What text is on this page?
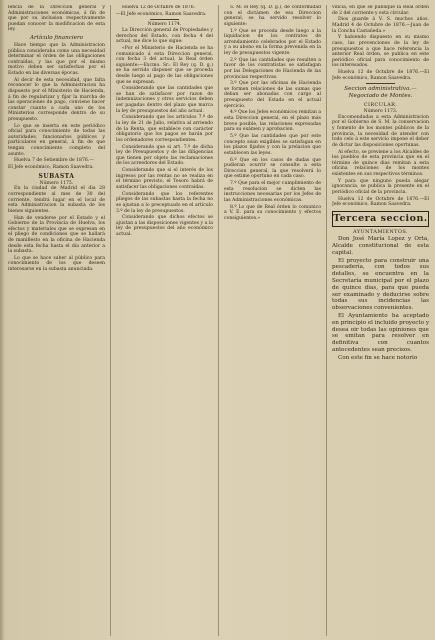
lencia de la Direccion general y Administraciones económicas, á fin de que por su inclusion respectivamente puedan conocer la modificacion de esta ley.

Artículo financiero

Hace tiempo que la Administracion pública consideraba como una necesidad determinar el órden de las obligaciones contraídas, y las que por el mismo motivo deben ser satisfechas por el Estado en las diversas épocas.

Al decir de esta necesidad, que falta reconocer lo que la Administracion ha dispuesto por el Ministerio de Hacienda, á fin de regularizar y fijar la marcha de las operaciones de pago, conviene hacer constar cuanto a cada uno de los Ministerios corresponde dentro de su presupuesto.

Lo que se inserta en este periódico oficial para conocimiento de todas las autoridades, funcionarios públicos y particulares en general, á fin de que tengan conocimiento completo del asunto.

Huelva 7 de Setiembre de 1876.—

El Jefe económico, Ramon Saavedra.

SUBASTA
Número 1175.

En la ciudad de Madrid el dia 28 correspondiente al mes de 30 del corriente, tendrá lugar en el local de esta Administracion la subasta de los bienes siguientes.

Han de venderse por el Estado y el Gobierno de la Provincia de Huelva, los efectos y materiales que se expresan en el pliego de condiciones que se hallará de manifiesto en la oficina de Hacienda desde esta fecha hasta el dia anterior a la subasta.

Lo que se hace saber al público para conocimiento de los que deseen interesarse en la subasta anunciada.

Huelva 12 de Octubre de 1876.

—El Jefe económico, Ramon Saavedra.

Número 1174.

La Dirección general de Propiedades y derechos del Estado, con fecha 4 del actual, me dice lo que sigue:

«Por el Ministerio de Hacienda se ha comunicado á esta Direccion general, con fecha 3 del actual, la Real órden siguiente:—Excmo. Sr.: El Rey (q. D. g.) se ha servido disponer que se proceda desde luego al pago de las obligaciones que se expresan.

Considerando que las cantidades que se han de satisfacer por razon de indemnizaciones y otros servicios deben ser pagadas dentro del plazo que marca la ley de presupuestos del año actual.

Considerando que los artículos 7.º de la ley de 21 de Julio, relativa al arriendo de la Renta, que establece con carácter obligatorio que los pagos se harán por los ordenadores correspondientes.

Considerando que si art. 7.º de dicha ley de Presupuestos y de las diligencias que tienen por objeto las reclamaciones de los acreedores del Estado.

Considerando que si el interés de los ingresos por las rentas no se realiza en el término previsto, el Tesoro habrá de satisfacer las obligaciones contraídas.

Considerando que los referentes pliegos de las subastas hasta la fecha no se ajustan a lo preceptuado en el artículo 3.º de la ley de presupuestos.

Considerando que dichos efectos se ajustan a las disposiciones vigentes y a la ley de presupuestos del año económico actual.

S. M. el Rey (q. D. g.), de conformidad con el dictámen de esa Direccion general, se ha servido resolver lo siguiente:

1.º Que se proceda desde luego a la liquidacion de los contratos de arrendamiento celebrados por el Estado y a su abono en la forma prevenida en la ley de presupuestos vigente.

2.º Que las cantidades que resulten a favor de los contratistas se satisfagan por las Delegaciones de Hacienda de las provincias respectivas.

3.º Que por las oficinas de Hacienda se formen relaciones de las sumas que deban ser abonadas con cargo al presupuesto del Estado en el actual ejercicio.

4.º Que los Jefes económicos remitan a esta Direccion general, en el plazo más breve posible, las relaciones expresadas para su exámen y aprobacion.

5.º Que las cantidades que por este concepto sean exigibles se satisfagan en los plazos fijados y con la prelacion que establecen las leyes.

6.º Que en los casos de dudas que pudieran ocurrir se consulte a esta Direccion general, la que resolverá lo que estime oportuno en cada caso.

7.º Que para el mejor cumplimiento de esta resolucion se dicten las instrucciones necesarias por los Jefes de las Administraciones económicas.

8.º Lo que de Real órden lo comunico a V. E. para su conocimiento y efectos consiguientes.»

vincia, en que se publique la Real órden de 2 del corriente y esta circular.

Dios guarde á V. S. muchos años. Madrid 4 de Octubre de 1876.—Juan de la Concha Castañeda.»

Y habiendo dispuesto en su mismo caso, las prevenciones de la ley de presupuestos a que hace referencia la anterior Real órden, se publica en este periódico oficial para conocimiento de los interesados.

Huelva 12 de Octubre de 1876.—El Jefe económico, Ramon Saavedra.

Seccion administrativa.—Negociado de Montes.
CIRCULAR.
Número 1173.

Encomendadas a esta Administracion por el Gobierno de S. M. la conservacion y fomento de los montes públicos de la provincia, la necesidad de atender con todo celo á este servicio impone el deber de dictar las disposiciones oportunas.

Al efecto, se previene a los Alcaldes de los pueblos de esta provincia que en el término de quince dias remitan a esta oficina relaciones de los montes existentes en sus respectivos términos.

Y para que ninguno pueda alegar ignorancia, se publica la presente en el periódico oficial de la provincia.

Huelva 12 de Octubre de 1876.—El Jefe económico, Ramon Saavedra.

Tercera seccion.
AYUNTAMIENTOS.

Don José María Lopez y Orta, Alcalde constitucional de esta capital.

El proyecto para construir una pescadería, con todos sus detalles, se encuentra en la Secretaría municipal por el plazo de quince dias, para que pueda ser examinado y deducirse sobre todas sus incidencias las observaciones convenientes.

El Ayuntamiento ha aceptado en principio el incluido proyecto y desea oir todas las opiniones que se emitan para resolver en definitiva con cuantos antecedentes sean precisos.

Con este fin se hace notorio
